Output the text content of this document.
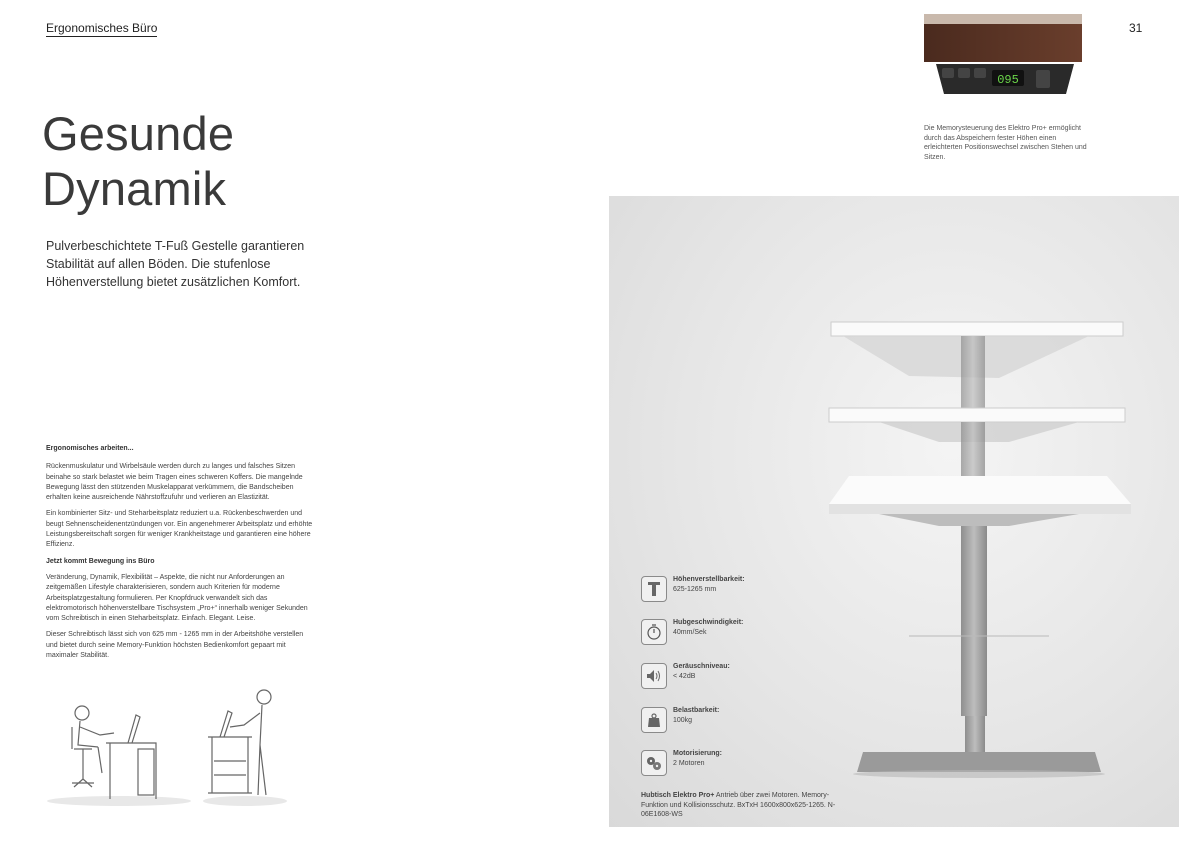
Ergonomisches Büro	31
Gesunde
Dynamik
Pulverbeschichtete T-Fuß Gestelle garantieren Stabilität auf allen Böden. Die stufenlose Höhenverstellung bietet zusätzlichen Komfort.
Ergonomisches arbeiten...

Rückenmuskulatur und Wirbelsäule werden durch zu langes und falsches Sitzen beinahe so stark belastet wie beim Tragen eines schweren Koffers. Die mangelnde Bewegung lässt den stützenden Muskelapparat verkümmern, die Bandscheiben erhalten keine ausreichende Nährstoffzufuhr und verlieren an Elastizität.

Ein kombinierter Sitz- und Steharbeitsplatz reduziert u.a. Rückenbeschwerden und beugt Sehnenscheidenentzündungen vor. Ein angenehmerer Arbeitsplatz und erhöhte Leistungsbereitschaft sorgen für weniger Krankheitstage und garantieren eine höhere Effizienz.

Jetzt kommt Bewegung ins Büro

Veränderung, Dynamik, Flexibilität – Aspekte, die nicht nur Anforderungen an zeitgemäßen Lifestyle charakterisieren, sondern auch Kriterien für moderne Arbeitsplatzgestaltung formulieren. Per Knopfdruck verwandelt sich das elektromotorisch höhenverstellbare Tischsystem „Pro+“ innerhalb weniger Sekunden vom Schreibtisch in einen Steharbeitsplatz. Einfach. Elegant. Leise.

Dieser Schreibtisch lässt sich von 625 mm - 1265 mm in der Arbeitshöhe verstellen und bietet durch seine Memory-Funktion höchsten Bedienkomfort gepaart mit maximaler Stabilität.

095
Die Memorysteuerung des Elektro Pro+ ermöglicht durch das Abspeichern fester Höhen einen erleichterten Positionswechsel zwischen Stehen und Sitzen.
Höhenverstellbarkeit:
625-1265 mm
Hubgeschwindigkeit:
40mm/Sek
Geräuschniveau:
< 42dB
Belastbarkeit:
100kg
Motorisierung:
2 Motoren
Hubtisch Elektro Pro+ Antrieb über zwei Motoren. Memory-Funktion und Kollisionsschutz. BxTxH 1600x800x625-1265. N-06E1608-WS
